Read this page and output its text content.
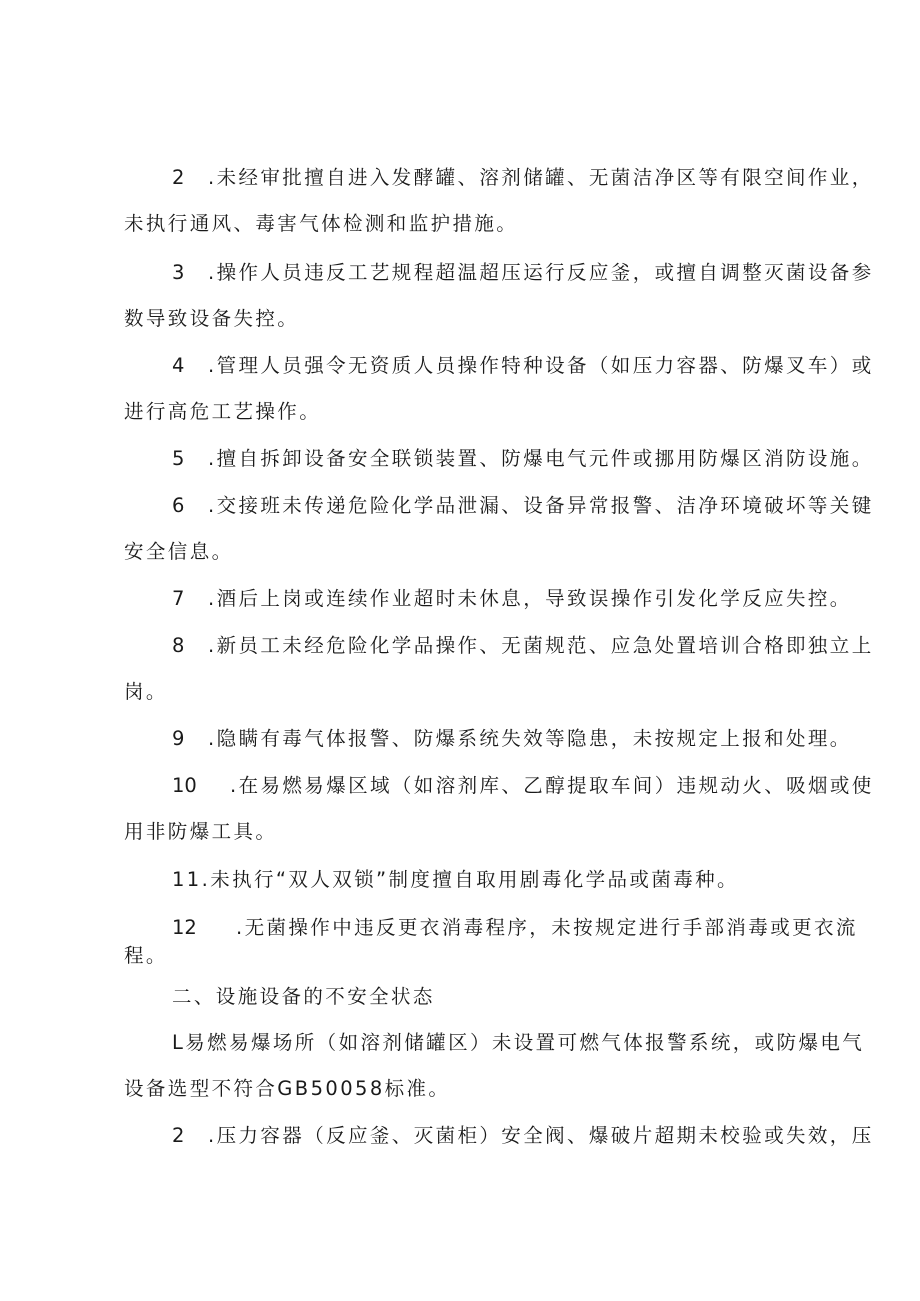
2 .未经审批擅自进入发酵罐、溶剂储罐、无菌洁净区等有限空间作业，
未执行通风、毒害气体检测和监护措施。
3 .操作人员违反工艺规程超温超压运行反应釜，或擅自调整灭菌设备参
数导致设备失控。
4 .管理人员强令无资质人员操作特种设备（如压力容器、防爆叉车）或
进行高危工艺操作。
5 .擅自拆卸设备安全联锁装置、防爆电气元件或挪用防爆区消防设施。
6 .交接班未传递危险化学品泄漏、设备异常报警、洁净环境破坏等关键
安全信息。
7 .酒后上岗或连续作业超时未休息，导致误操作引发化学反应失控。
8 .新员工未经危险化学品操作、无菌规范、应急处置培训合格即独立上
岗。
9 .隐瞒有毒气体报警、防爆系统失效等隐患，未按规定上报和处理。
10 .在易燃易爆区域（如溶剂库、乙醇提取车间）违规动火、吸烟或使
用非防爆工具。
11.未执行“双人双锁”制度擅自取用剧毒化学品或菌毒种。
12 .无菌操作中违反更衣消毒程序，未按规定进行手部消毒或更衣流
程。
二、设施设备的不安全状态
L易燃易爆场所（如溶剂储罐区）未设置可燃气体报警系统，或防爆电气
设备选型不符合GB50058标准。
2 .压力容器（反应釜、灭菌柜）安全阀、爆破片超期未校验或失效，压
